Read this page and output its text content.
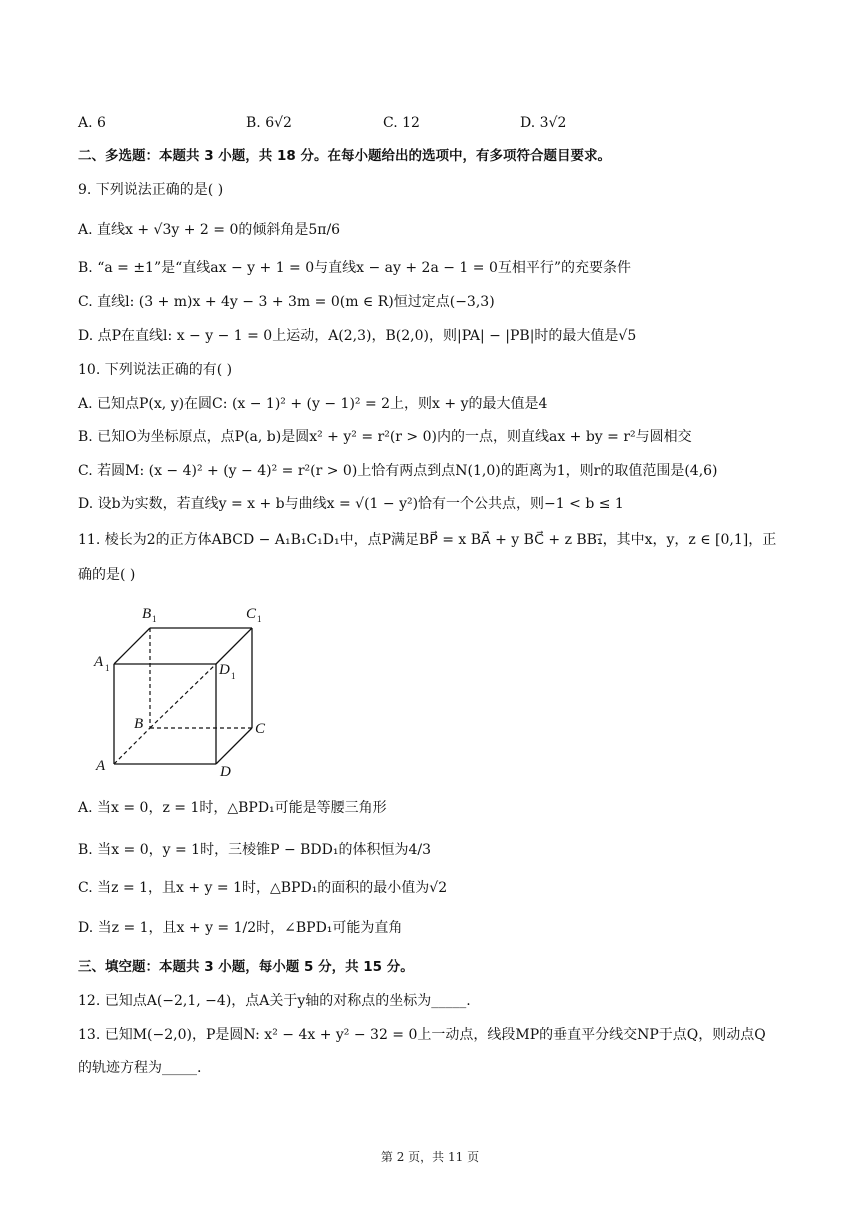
A. 6	B. 6√2	C. 12	D. 3√2
二、多选题：本题共 3 小题，共 18 分。在每小题给出的选项中，有多项符合题目要求。
9. 下列说法正确的是( )
A. 直线x + √3y + 2 = 0的倾斜角是5π/6
B. “a = ±1”是“直线ax − y + 1 = 0与直线x − ay + 2a − 1 = 0互相平行”的充要条件
C. 直线l: (3 + m)x + 4y − 3 + 3m = 0(m ∈ R)恒过定点(−3,3)
D. 点P在直线l: x − y − 1 = 0上运动，A(2,3)，B(2,0)，则|PA| − |PB|时的最大值是√5
10. 下列说法正确的有( )
A. 已知点P(x, y)在圆C: (x − 1)² + (y − 1)² = 2上，则x + y的最大值是4
B. 已知O为坐标原点，点P(a, b)是圆x² + y² = r²(r > 0)内的一点，则直线ax + by = r²与圆相交
C. 若圆M: (x − 4)² + (y − 4)² = r²(r > 0)上恰有两点到点N(1,0)的距离为1，则r的取值范围是(4,6)
D. 设b为实数，若直线y = x + b与曲线x = √(1 − y²)恰有一个公共点，则−1 < b ≤ 1
11. 棱长为2的正方体ABCD − A₁B₁C₁D₁中，点P满足BP⃗ = x BA⃗ + y BC⃗ + z BB₁⃗，其中x，y，z ∈ [0,1]，正
确的是( )
B 1	C 1
A 1	D 1
B	C
A	D
A. 当x = 0，z = 1时，△BPD₁可能是等腰三角形
B. 当x = 0，y = 1时，三棱锥P − BDD₁的体积恒为4/3
C. 当z = 1，且x + y = 1时，△BPD₁的面积的最小值为√2
D. 当z = 1，且x + y = 1/2时，∠BPD₁可能为直角
三、填空题：本题共 3 小题，每小题 5 分，共 15 分。
12. 已知点A(−2,1, −4)，点A关于y轴的对称点的坐标为_____.
13. 已知M(−2,0)，P是圆N: x² − 4x + y² − 32 = 0上一动点，线段MP的垂直平分线交NP于点Q，则动点Q
的轨迹方程为_____.
第 2 页，共 11 页
